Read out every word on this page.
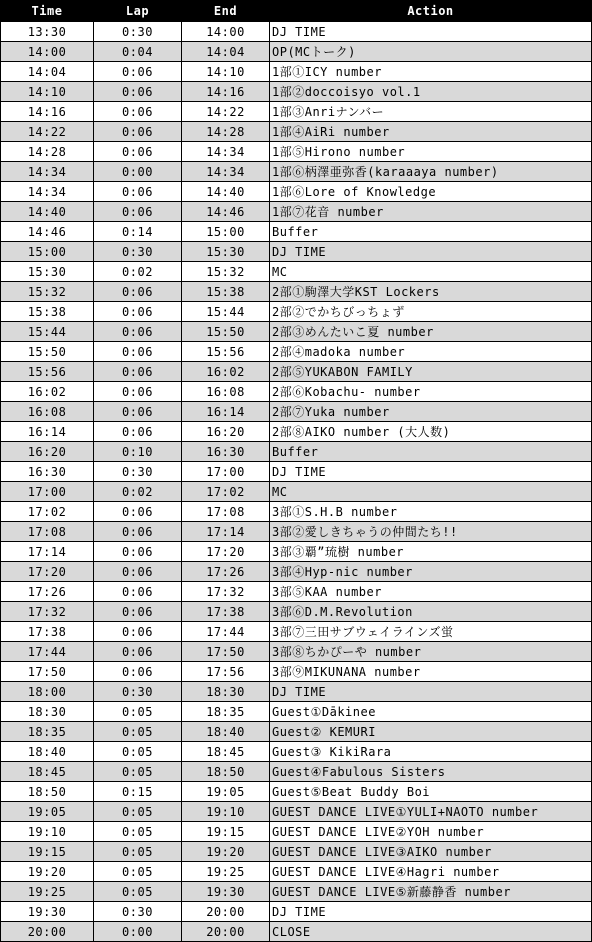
Time	Lap	End	Action
13:30	0:30	14:00	DJ TIME
14:00	0:04	14:04	OP(MCトーク)
14:04	0:06	14:10	1部①ICY number
14:10	0:06	14:16	1部②doccoisyo vol.1
14:16	0:06	14:22	1部③Anriナンバー
14:22	0:06	14:28	1部④AiRi number
14:28	0:06	14:34	1部⑤Hirono number
14:34	0:00	14:34	1部⑥柄澤亜弥香(karaaaya number)
14:34	0:06	14:40	1部⑥Lore of Knowledge
14:40	0:06	14:46	1部⑦花音 number
14:46	0:14	15:00	Buffer
15:00	0:30	15:30	DJ TIME
15:30	0:02	15:32	MC
15:32	0:06	15:38	2部①駒澤大学KST Lockers
15:38	0:06	15:44	2部②でかちびっちょず
15:44	0:06	15:50	2部③めんたいこ夏 number
15:50	0:06	15:56	2部④madoka number
15:56	0:06	16:02	2部⑤YUKABON FAMILY
16:02	0:06	16:08	2部⑥Kobachu- number
16:08	0:06	16:14	2部⑦Yuka number
16:14	0:06	16:20	2部⑧AIKO number (大人数)
16:20	0:10	16:30	Buffer
16:30	0:30	17:00	DJ TIME
17:00	0:02	17:02	MC
17:02	0:06	17:08	3部①S.H.B number
17:08	0:06	17:14	3部②愛しきちゃうの仲間たち!!
17:14	0:06	17:20	3部③覇”琉樹 number
17:20	0:06	17:26	3部④Hyp-nic number
17:26	0:06	17:32	3部⑤KAA number
17:32	0:06	17:38	3部⑥D.M.Revolution
17:38	0:06	17:44	3部⑦三田サブウェイラインズ蛍
17:44	0:06	17:50	3部⑧ちかぴーや number
17:50	0:06	17:56	3部⑨MIKUNANA number
18:00	0:30	18:30	DJ TIME
18:30	0:05	18:35	Guest①Dākinee
18:35	0:05	18:40	Guest② KEMURI
18:40	0:05	18:45	Guest③ KikiRara
18:45	0:05	18:50	Guest④Fabulous Sisters
18:50	0:15	19:05	Guest⑤Beat Buddy Boi
19:05	0:05	19:10	GUEST DANCE LIVE①YULI+NAOTO number
19:10	0:05	19:15	GUEST DANCE LIVE②YOH number
19:15	0:05	19:20	GUEST DANCE LIVE③AIKO number
19:20	0:05	19:25	GUEST DANCE LIVE④Hagri number
19:25	0:05	19:30	GUEST DANCE LIVE⑤新藤静香 number
19:30	0:30	20:00	DJ TIME
20:00	0:00	20:00	CLOSE
